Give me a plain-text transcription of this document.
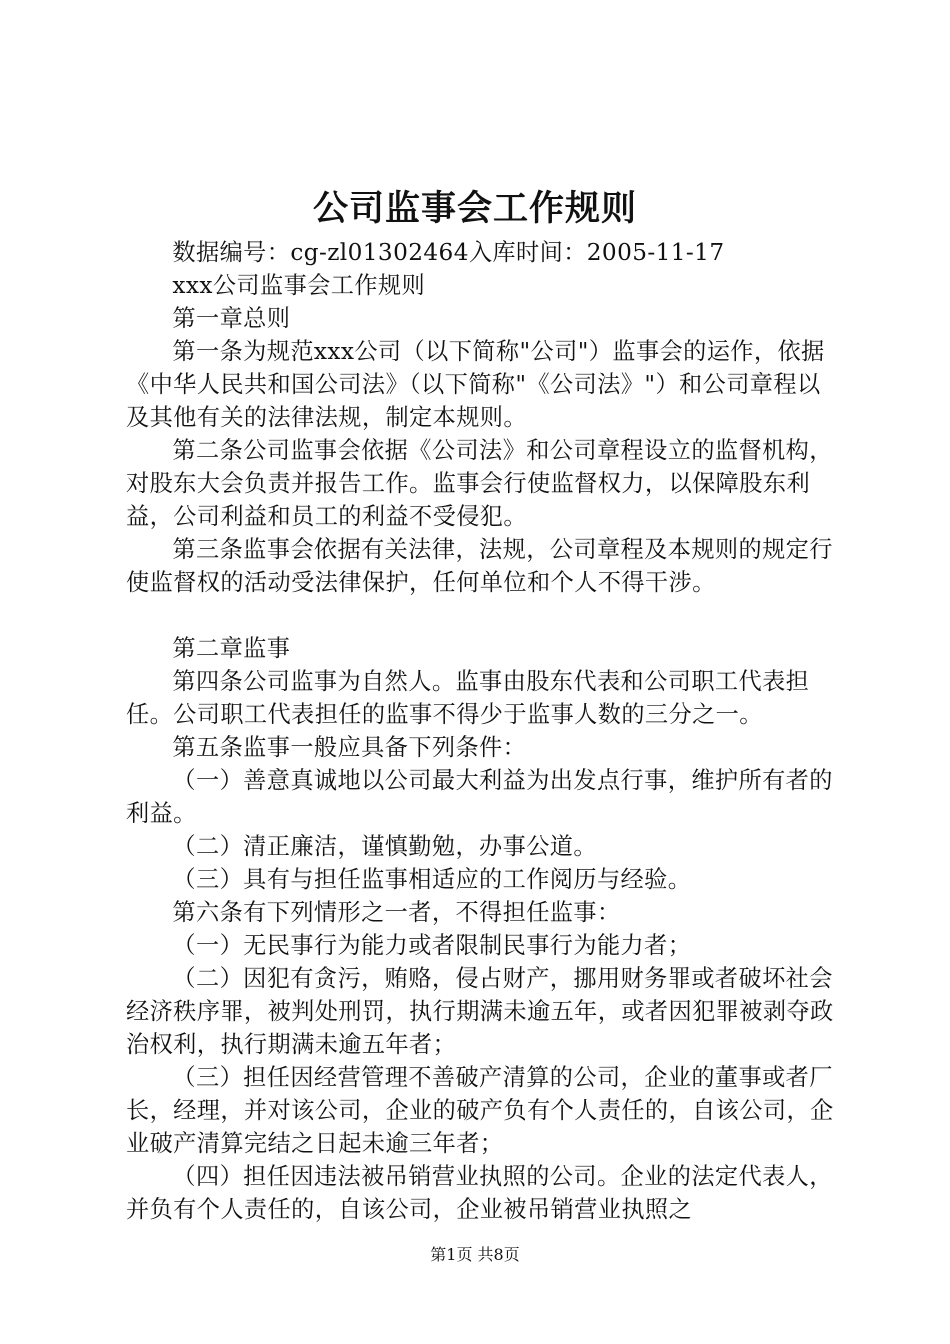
公司监事会工作规则

数据编号：cg-zl01302464入库时间：2005-11-17

xxx公司监事会工作规则

第一章总则

第一条为规范xxx公司（以下简称"公司"）监事会的运作，依据《中华人民共和国公司法》（以下简称"《公司法》"）和公司章程以及其他有关的法律法规，制定本规则。

第二条公司监事会依据《公司法》和公司章程设立的监督机构，对股东大会负责并报告工作。监事会行使监督权力，以保障股东利益，公司利益和员工的利益不受侵犯。

第三条监事会依据有关法律，法规，公司章程及本规则的规定行使监督权的活动受法律保护，任何单位和个人不得干涉。

第二章监事

第四条公司监事为自然人。监事由股东代表和公司职工代表担任。公司职工代表担任的监事不得少于监事人数的三分之一。

第五条监事一般应具备下列条件：

（一）善意真诚地以公司最大利益为出发点行事，维护所有者的利益。

（二）清正廉洁，谨慎勤勉，办事公道。

（三）具有与担任监事相适应的工作阅历与经验。

第六条有下列情形之一者，不得担任监事：

（一）无民事行为能力或者限制民事行为能力者；

（二）因犯有贪污，贿赂，侵占财产，挪用财务罪或者破坏社会经济秩序罪，被判处刑罚，执行期满未逾五年，或者因犯罪被剥夺政治权利，执行期满未逾五年者；

（三）担任因经营管理不善破产清算的公司，企业的董事或者厂长，经理，并对该公司，企业的破产负有个人责任的，自该公司，企业破产清算完结之日起未逾三年者；

（四）担任因违法被吊销营业执照的公司。企业的法定代表人，并负有个人责任的，自该公司，企业被吊销营业执照之

第1页 共8页
